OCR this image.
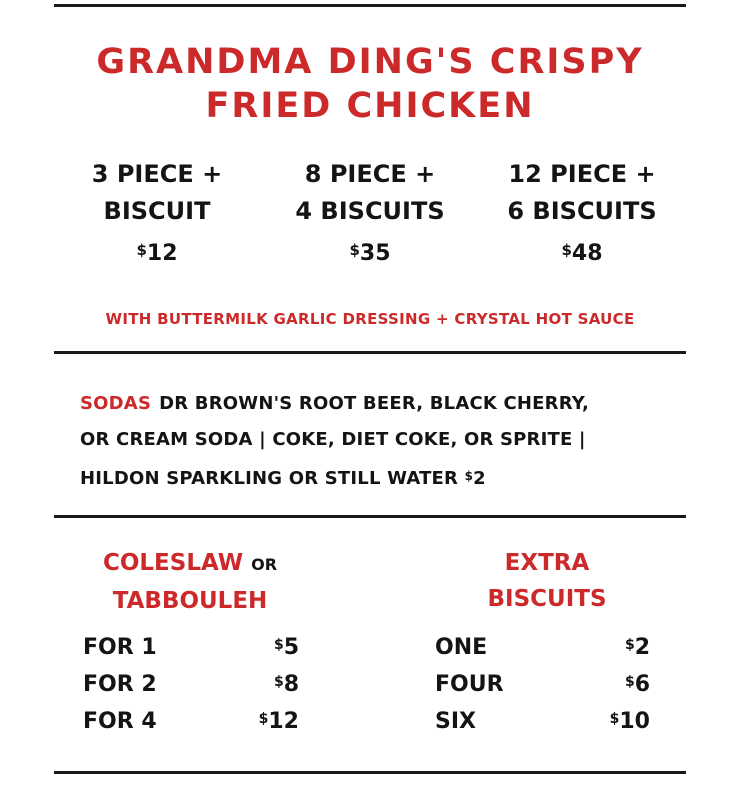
GRANDMA DING'S CRISPY FRIED CHICKEN
3 PIECE +
BISCUIT
$12
8 PIECE +
4 BISCUITS
$35
12 PIECE +
6 BISCUITS
$48
WITH BUTTERMILK GARLIC DRESSING + CRYSTAL HOT SAUCE
SODAS DR BROWN'S ROOT BEER, BLACK CHERRY,
OR CREAM SODA | COKE, DIET COKE, OR SPRITE |
HILDON SPARKLING OR STILL WATER $2
COLESLAW OR
TABBOULEH
EXTRA
BISCUITS
FOR 1	$5
FOR 2	$8
FOR 4	$12
ONE	$2
FOUR	$6
SIX	$10
